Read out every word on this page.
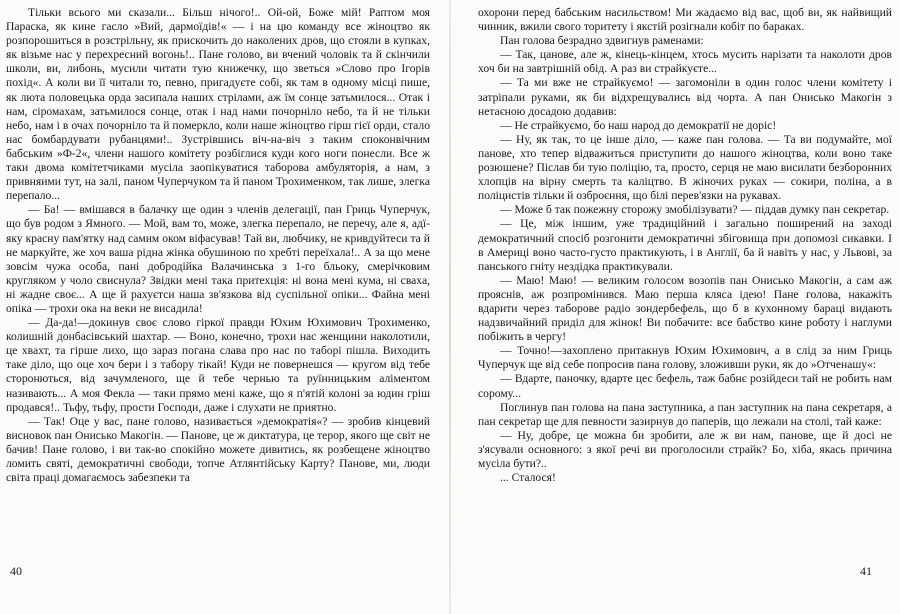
Тільки всього ми сказали... Більш нічого!.. Ой-ой, Боже мій! Раптом моя Параска, як кине гасло »Вий, дармоїдів!« — і на цю команду все жіноцтво як розпорошиться в розстрільну, як прискочить до наколених дров, що стояли в купках, як візьме нас у перехресний вогонь!.. Пане голово, ви вчений чоловік та й скінчили школи, ви, либонь, мусили читати тую книжечку, що зветься »Слово про Ігорів похід«. А коли ви її читали то, певно, пригадуєте собі, як там в одному місці пише, як люта половецька орда засипала наших стрілами, аж їм сонце затьмилося... Отак і нам, сіромахам, затьмилося сонце, отак і над нами почорніло небо, та й не тільки небо, нам і в очах почорніло та й померкло, коли наше жіноцтво гірш гієї орди, стало нас бомбардувати рубанцями!.. Зустрівшись віч-на-віч з таким споконвічним бабським »Ф-2«, члени нашого комітету розбіглися куди кого ноги понесли. Все ж таки двома комітетчиками мусіла заопікуватися таборова амбуляторія, а нам, з привняими тут, на залі, паном Чуперчуком та й паном Трохименком, так лише, злегка перепало...

— Ба! — вмішався в балачку ще один з членів делегації, пан Гриць Чуперчук, що був родом з Ямного. — Мой, вам то, може, злегка перепало, не перечу, але я, адї-яку красну пам'ятку над самим оком віфасував! Тай ви, любчику, не кривдуйтеси та й не маркуйте, же хоч ваша рідна жінка обушиною по хребті переїхала!.. А за що мене зовсім чужа особа, пані добродійка Валачинська з 1-го бльоку, смерічковим кругляком у чоло свиснула? Звідки мені така притехція: ні вона мені кума, ні сваха, ні жадне своє... А ще й рахуєтси наша зв'язкова від суспільної опіки... Файна мені опіка — трохи ока на веки не висадила!

— Да-да!—докинув своє слово гіркої правди Юхим Юхимович Трохименко, колишній донбасівський шахтар. — Воно, конечно, трохи нас женщини наколотили, це хвахт, та гірше лихо, що зараз погана слава про нас по таборі пішла. Виходить таке діло, що оце хоч бери і з табору тікай! Куди не повернешся — кругом від тебе сторонються, від зачумленого, ще й тебе чернью та руїнницьким аліментом називають... А моя Фекла — таки прямо мені каже, що я п'ятій колоні за юдин гріш продався!.. Тьфу, тьфу, прости Господи, даже і слухати не приятно.

— Так! Оце у вас, пане голово, називається »демократія«? — зробив кінцевий висновок пан Онисько Макогін. — Панове, це ж диктатура, це терор, якого ще світ не бачив! Пане голово, і ви так-во спокійно можете дивитись, як розбещене жіноцтво ломить святі, демократичні свободи, топче Атлянтійську Карту? Панове, ми, люди світа праці домагаємось забезпеки та

40

охорони перед бабським насильством! Ми жадаємо від вас, щоб ви, як найвищий чинник, вжили свого торитету і якстій розігнали кобіт по бараках.

Пан голова безрадно здвигнув раменами:

— Так, цанове, але ж, кінець-кінцем, хтось мусить нарізати та наколоти дров хоч би на завтрішній обід. А раз ви страйкуєте...

— Та ми вже не страйкуємо! — загомоніли в один голос члени комітету і затріпали руками, як би відхрещувались від чорта. А пан Онисько Макогін з нетаєною досадою додавив:

— Не страйкуємо, бо наш народ до демократії не доріс!

— Ну, як так, то це інше діло, — каже пан голова. — Та ви подумайте, мої панове, хто тепер відважиться приступити до нашого жіноцтва, коли воно таке розюшене? Післав би тую поліцію, та, просто, серця не маю висилати безборонних хлопців на вірну смерть та каліцтво. В жіночих руках — сокири, поліна, а в поліцистів тільки й озброєння, що білі перев'язки на рукавах.

— Може б так пожежну сторожу змобілізувати? — піддав думку пан секретар.

— Це, між іншим, уже традиційний і загально поширений на заході демократичний спосіб розгонити демократичні збіговища при допомозі сикавки. І в Америці воно часто-густо практикують, і в Англії, ба й навіть у нас, у Львові, за панського гніту нездідка практикували.

— Маю! Маю! — великим голосом возопів пан Онисько Макогін, а сам аж прояснів, аж розпромінився. Маю перша кляса ідею! Пане голова, накажіть вдарити через таборове радіо зондербефель, що б в кухонному бараці видають надзвичайний приділ для жінок! Ви побачите: все бабство кине роботу і наглуми побіжить в чергу!

— Точно!—захоплено притакнув Юхим Юхимович, а в слід за ним Гриць Чуперчук ще від себе попросив пана голову, зложивши руки, як до »Отченашу«:

— Вдарте, паночку, вдарте цес бефель, таж бабнє розійдеси тай не робить нам сорому...

Поглинув пан голова на пана заступника, а пан заступник на пана секретаря, а пан секретар ще для певности зазирнув до паперів, що лежали на столі, тай каже:

— Ну, добре, це можна би зробити, але ж ви нам, панове, ще й досі не з'ясували основного: з якої речі ви проголосили страйк? Бо, хіба, якась причина мусіла бути?..

... Сталося!

41
